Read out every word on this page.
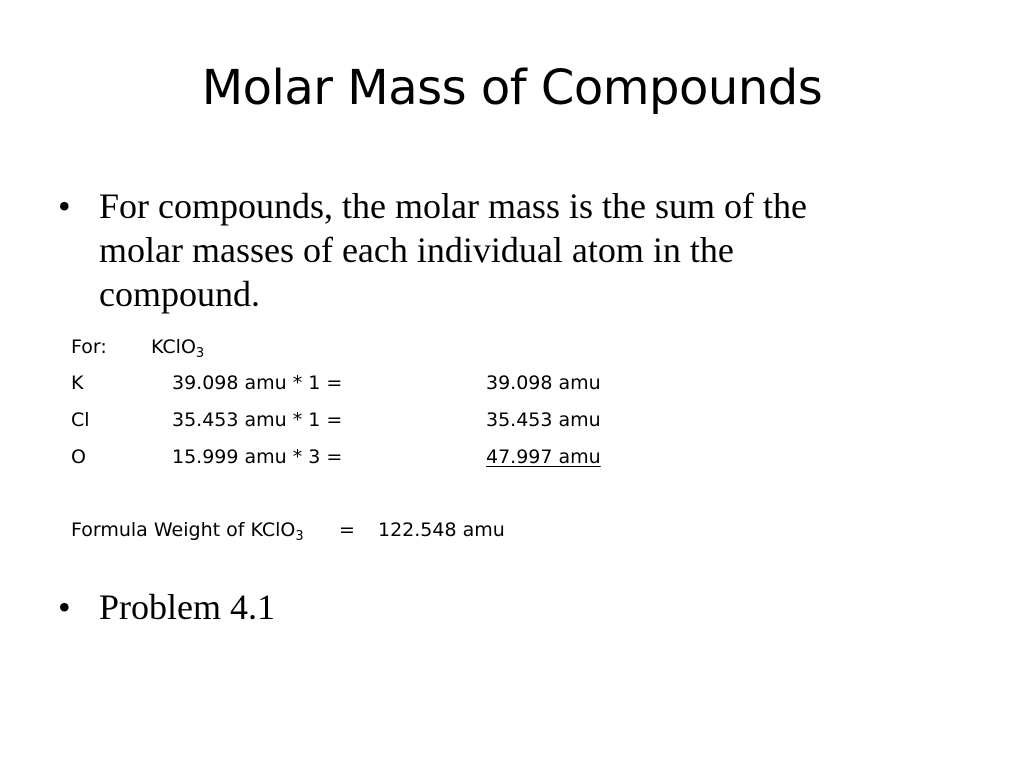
Molar Mass of Compounds
• For compounds, the molar mass is the sum of the molar masses of each individual atom in the compound.
For: KClO$_3$
K	39.098 amu * 1 =	39.098 amu
Cl	35.453 amu * 1 =	35.453 amu
O	15.999 amu * 3 =	47.997 amu
Formula Weight of KClO$_3$ = 122.548 amu
• Problem 4.1
